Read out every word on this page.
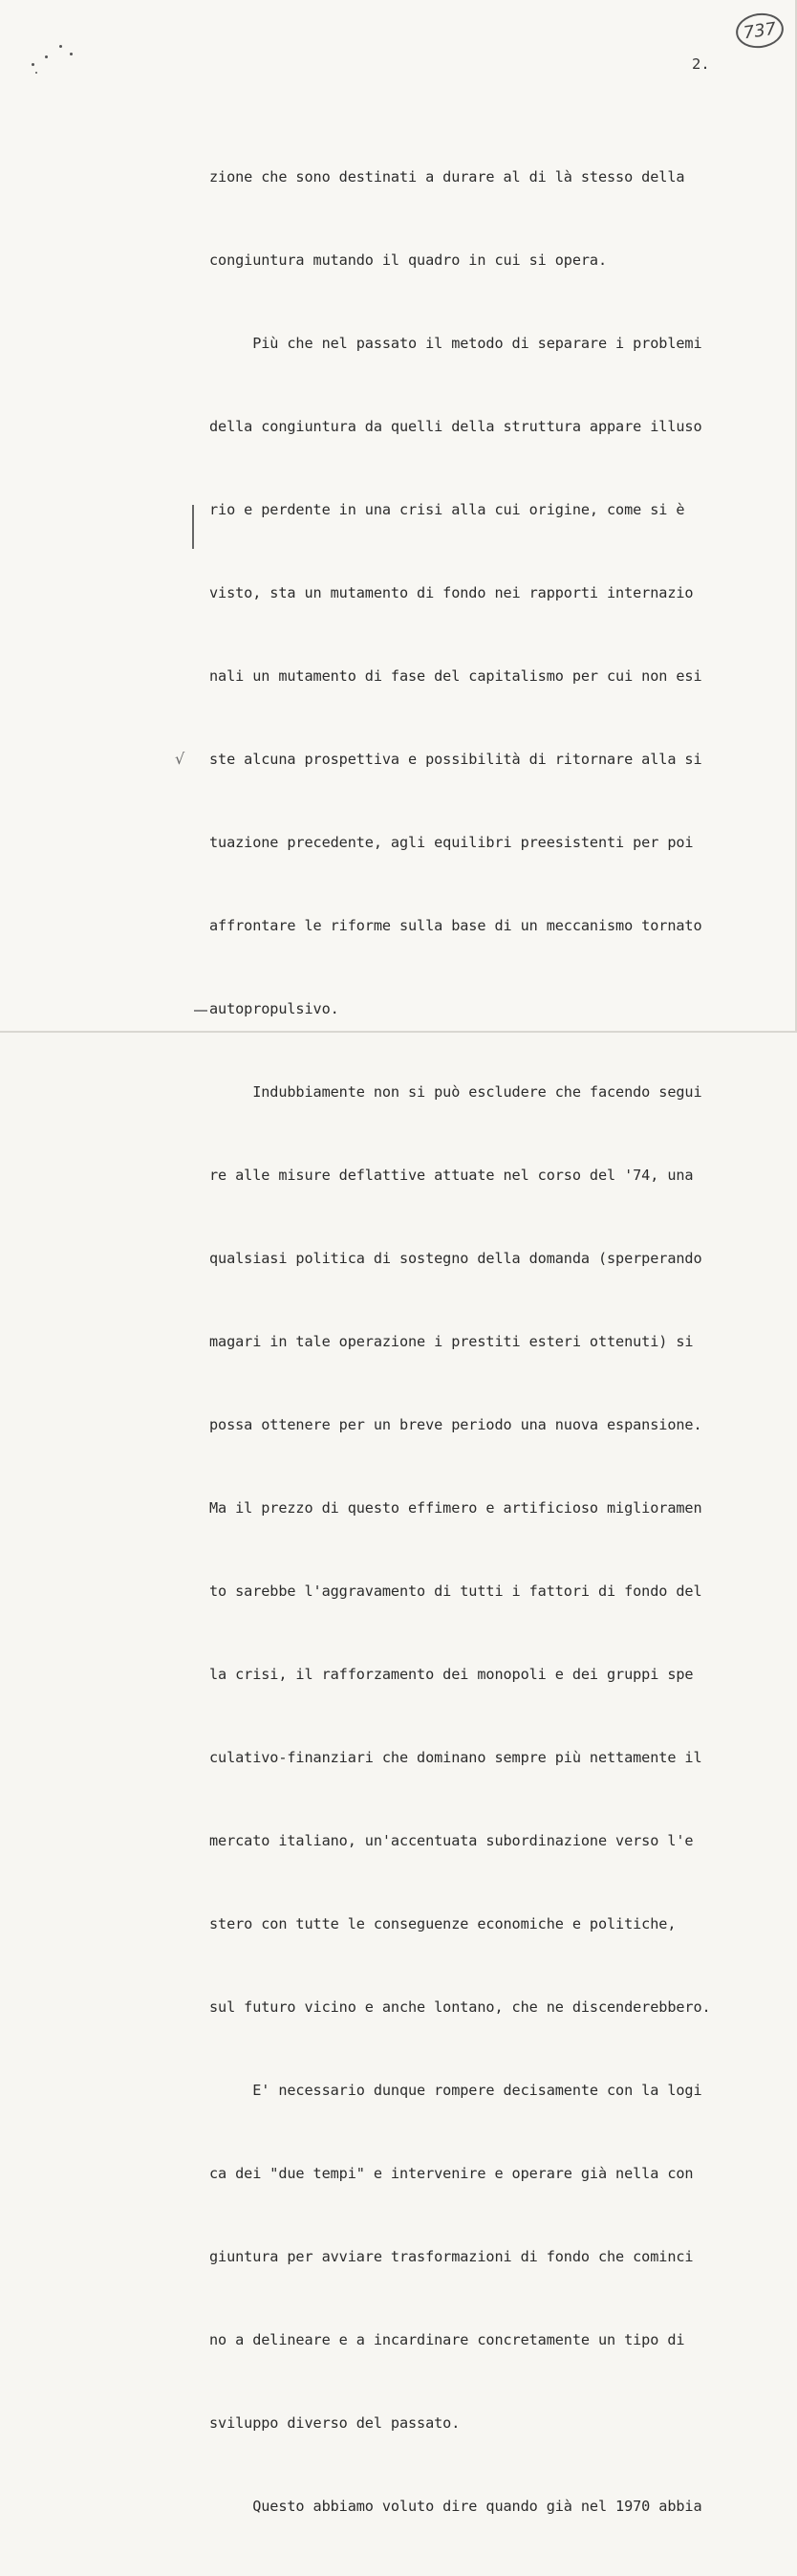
737
2.
√

zione che sono destinati a durare al di là stesso della

congiuntura mutando il quadro in cui si opera.

Più che nel passato il metodo di separare i problemi

della congiuntura da quelli della struttura appare illuso

rio e perdente in una crisi alla cui origine, come si è

visto, sta un mutamento di fondo nei rapporti internazio

nali un mutamento di fase del capitalismo per cui non esi

ste alcuna prospettiva e possibilità di ritornare alla si

tuazione precedente, agli equilibri preesistenti per poi

affrontare le riforme sulla base di un meccanismo tornato

autopropulsivo.

Indubbiamente non si può escludere che facendo segui

re alle misure deflattive attuate nel corso del '74, una

qualsiasi politica di sostegno della domanda (sperperando

magari in tale operazione i prestiti esteri ottenuti) si

possa ottenere per un breve periodo una nuova espansione.

Ma il prezzo di questo effimero e artificioso miglioramen

to sarebbe l'aggravamento di tutti i fattori di fondo del

la crisi, il rafforzamento dei monopoli e dei gruppi spe

culativo-finanziari che dominano sempre più nettamente il

mercato italiano, un'accentuata subordinazione verso l'e

stero con tutte le conseguenze economiche e politiche,

sul futuro vicino e anche lontano, che ne discenderebbero.

E' necessario dunque rompere decisamente con la logi

ca dei "due tempi" e intervenire e operare già nella con

giuntura per avviare trasformazioni di fondo che cominci

no a delineare e a incardinare concretamente un tipo di

sviluppo diverso del passato.

Questo abbiamo voluto dire quando già nel 1970 abbia
